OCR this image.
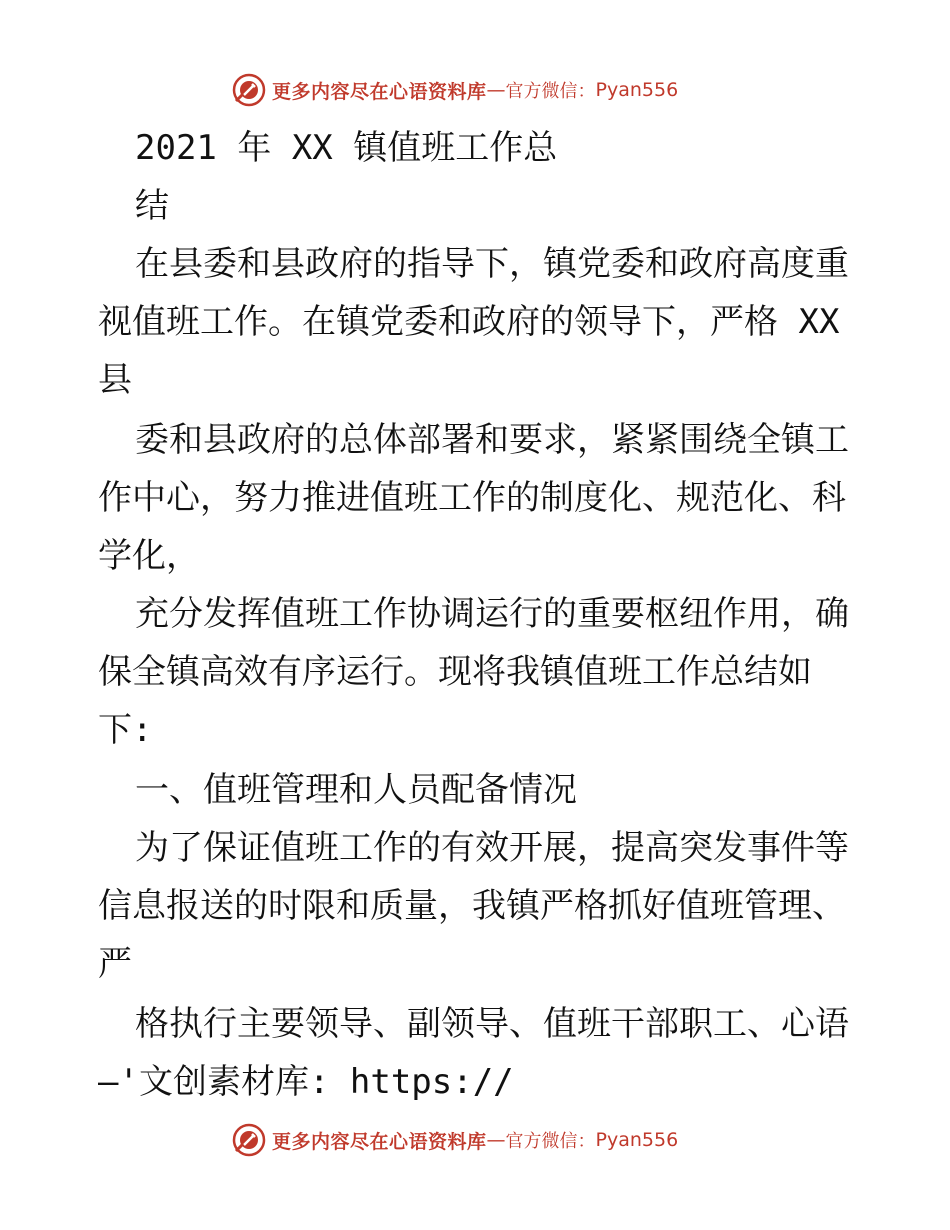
更多内容尽在心语资料库 — 官方微信： Pyan556
2021 年 XX 镇值班工作总
结
在县委和县政府的指导下，镇党委和政府高度重
视值班工作。在镇党委和政府的领导下，严格 XX
县
委和县政府的总体部署和要求，紧紧围绕全镇工
作中心，努力推进值班工作的制度化、规范化、科
学化，
充分发挥值班工作协调运行的重要枢纽作用，确
保全镇高效有序运行。现将我镇值班工作总结如
下:
一、值班管理和人员配备情况
为了保证值班工作的有效开展，提高突发事件等
信息报送的时限和质量，我镇严格抓好值班管理、
严
格执行主要领导、副领导、值班干部职工、心语
—'文创素材库: https://
更多内容尽在心语资料库 — 官方微信： Pyan556
